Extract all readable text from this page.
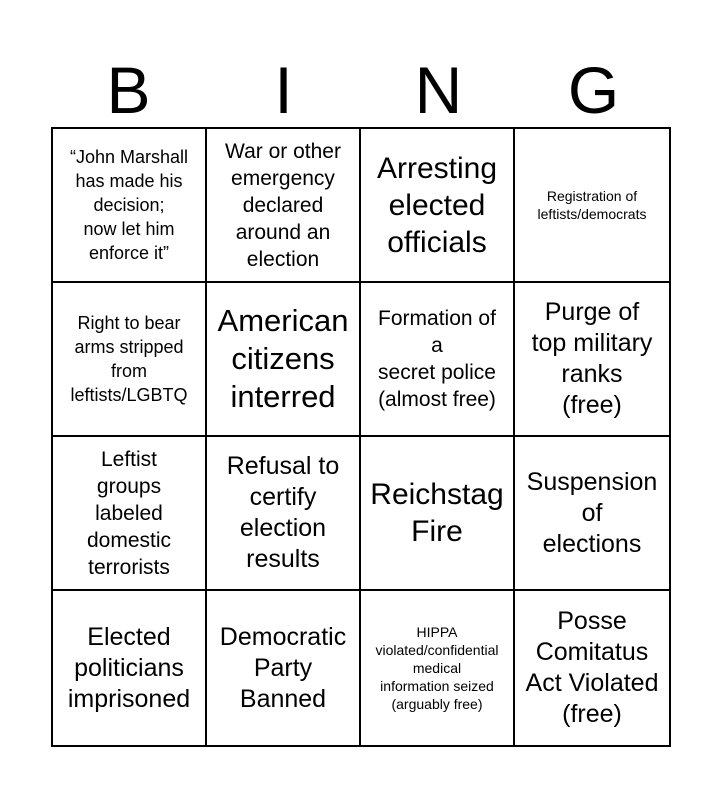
B	I	N	G
“John Marshall
has made his
decision;
now let him
enforce it”
War or other
emergency
declared
around an
election
Arresting
elected
officials
Registration of
leftists/democrats
Right to bear
arms stripped
from
leftists/LGBTQ
American
citizens
interred
Formation of
a
secret police
(almost free)
Purge of
top military
ranks
(free)
Leftist
groups
labeled
domestic
terrorists
Refusal to
certify
election
results
Reichstag
Fire
Suspension
of
elections
Elected
politicians
imprisoned
Democratic
Party
Banned
HIPPA
violated/confidential
medical
information seized
(arguably free)
Posse
Comitatus
Act Violated
(free)
